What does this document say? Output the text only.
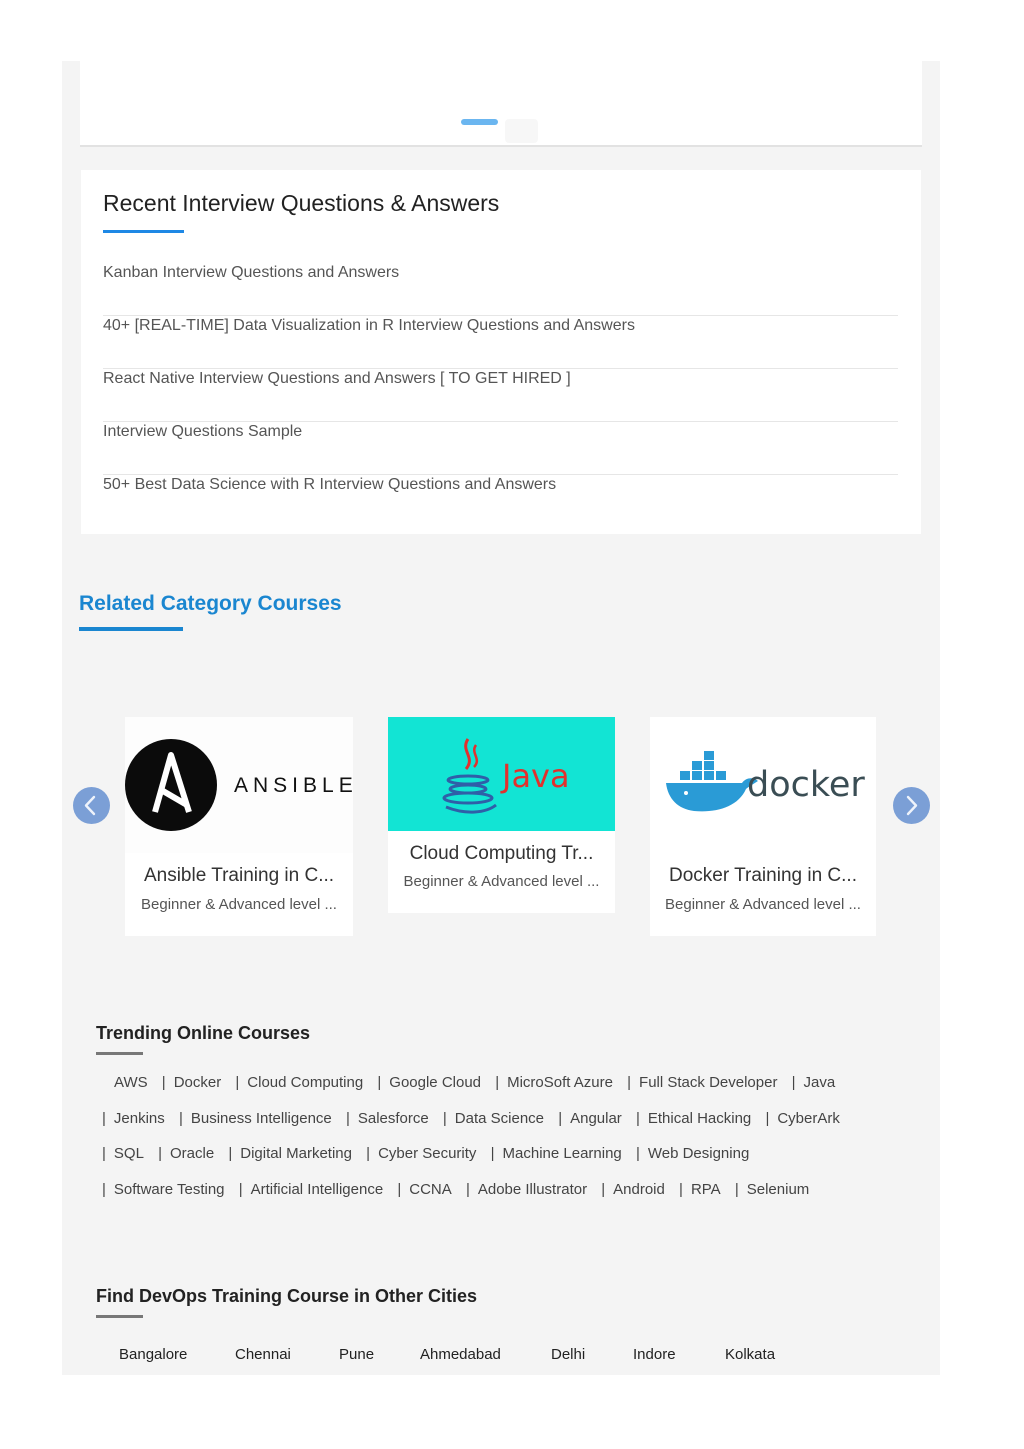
Recent Interview Questions & Answers
Kanban Interview Questions and Answers
40+ [REAL-TIME] Data Visualization in R Interview Questions and Answers
React Native Interview Questions and Answers [ TO GET HIRED ]
Interview Questions Sample
50+ Best Data Science with R Interview Questions and Answers
Related Category Courses
ANSIBLE
Ansible Training in C...
Beginner & Advanced level ...
Java
Cloud Computing Tr...
Beginner & Advanced level ...
docker
Docker Training in C...
Beginner & Advanced level ...
Trending Online Courses
AWS | Docker | Cloud Computing | Google Cloud | MicroSoft Azure | Full Stack Developer | Java
| Jenkins | Business Intelligence | Salesforce | Data Science | Angular | Ethical Hacking | CyberArk
| SQL | Oracle | Digital Marketing | Cyber Security | Machine Learning | Web Designing
| Software Testing | Artificial Intelligence | CCNA | Adobe Illustrator | Android | RPA | Selenium
Find DevOps Training Course in Other Cities
Bangalore	Chennai	Pune	Ahmedabad	Delhi	Indore	Kolkata
